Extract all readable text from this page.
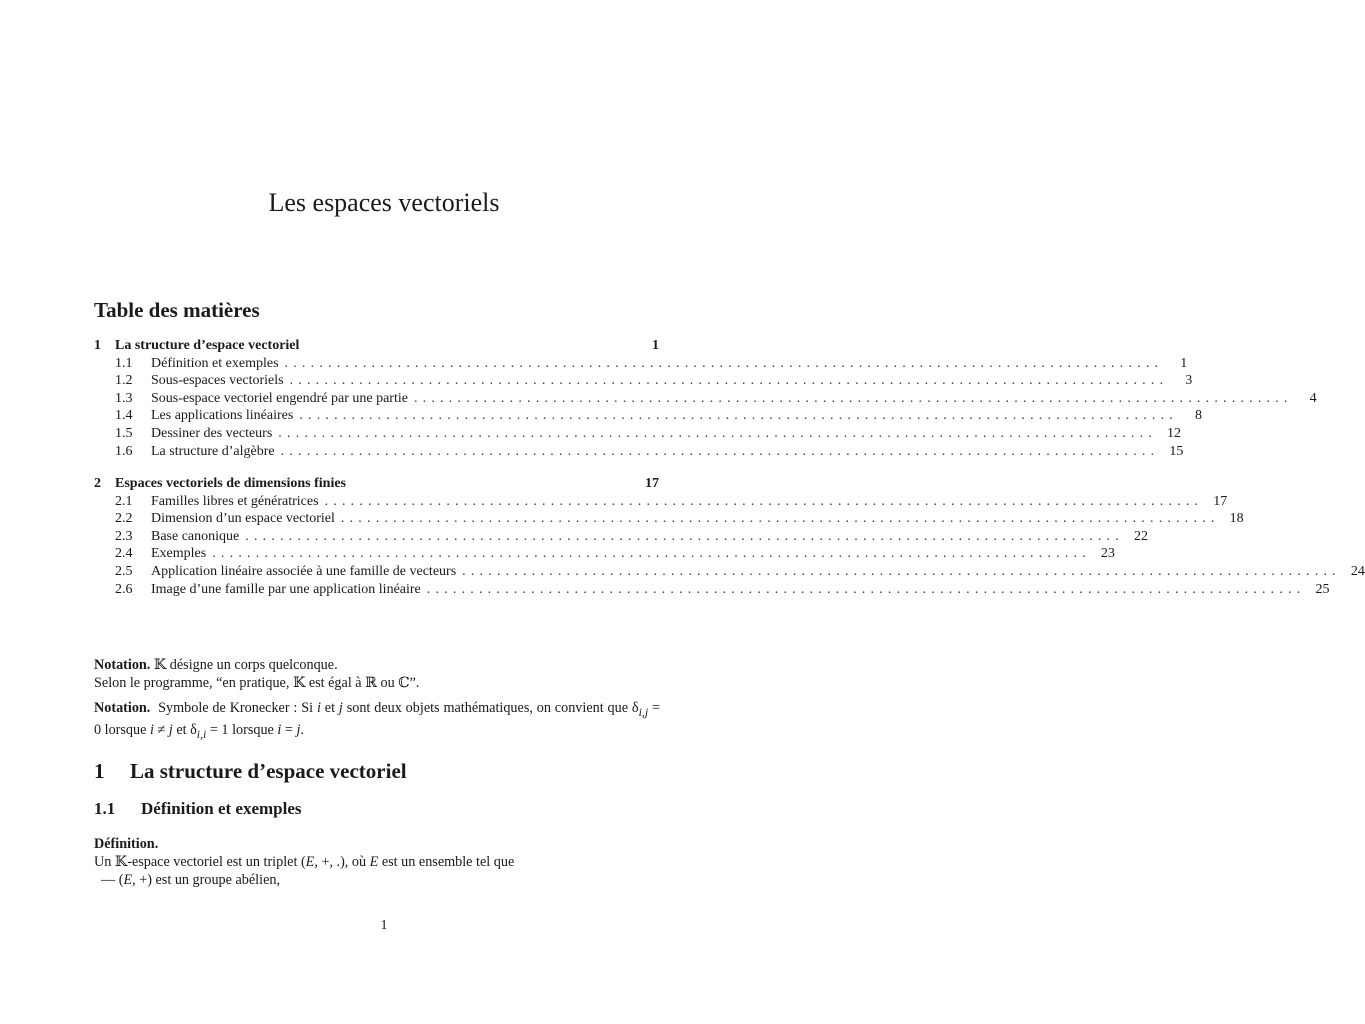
Les espaces vectoriels
Table des matières
1	La structure d’espace vectoriel	1
1.1	Définition et exemples .....................................................................................................	1
1.2	Sous-espaces vectoriels .....................................................................................................	3
1.3	Sous-espace vectoriel engendré par une partie .....................................................................................................	4
1.4	Les applications linéaires .....................................................................................................	8
1.5	Dessiner des vecteurs ..................................................................................................... 12
1.6	La structure d’algèbre ..................................................................................................... 15
2	Espaces vectoriels de dimensions finies	17
2.1	Familles libres et génératrices ..................................................................................................... 17
2.2	Dimension d’un espace vectoriel ..................................................................................................... 18
2.3	Base canonique ..................................................................................................... 22
2.4	Exemples ..................................................................................................... 23
2.5	Application linéaire associée à une famille de vecteurs ..................................................................................................... 24
2.6	Image d’une famille par une application linéaire ..................................................................................................... 25
Notation. 𝕂 désigne un corps quelconque.
Selon le programme, “en pratique, 𝕂 est égal à ℝ ou ℂ”.
Notation. Symbole de Kronecker : Si i et j sont deux objets mathématiques, on convient que $\delta_{i,j} = 0$ lorsque i ≠ j et $\delta_{i,i} = 1$ lorsque i = j.
1 La structure d’espace vectoriel
1.1 Définition et exemples
Définition.
Un 𝕂-espace vectoriel est un triplet (E, +, .), où E est un ensemble tel que
— (E, +) est un groupe abélien,
1
